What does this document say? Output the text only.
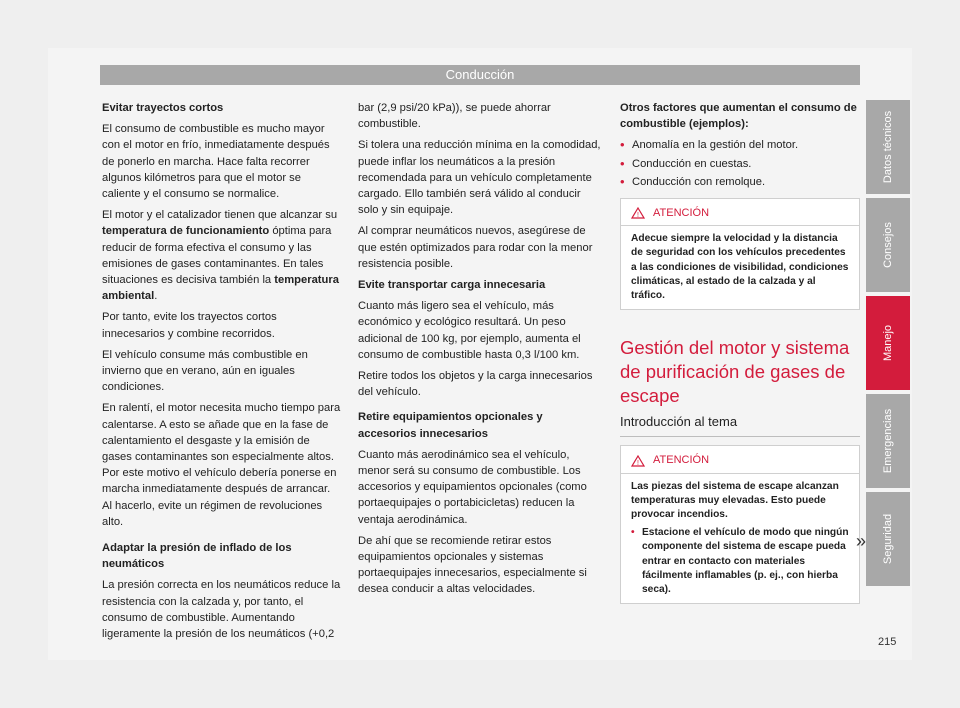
Conducción

Evitar trayectos cortos

El consumo de combustible es mucho mayor con el motor en frío, inmediatamente después de ponerlo en marcha. Hace falta recorrer algunos kilómetros para que el motor se caliente y el consumo se normalice.

El motor y el catalizador tienen que alcanzar su temperatura de funcionamiento óptima para reducir de forma efectiva el consumo y las emisiones de gases contaminantes. En tales situaciones es decisiva también la temperatura ambiental.

Por tanto, evite los trayectos cortos innecesarios y combine recorridos.

El vehículo consume más combustible en invierno que en verano, aún en iguales condiciones.

En ralentí, el motor necesita mucho tiempo para calentarse. A esto se añade que en la fase de calentamiento el desgaste y la emisión de gases contaminantes son especialmente altos. Por este motivo el vehículo debería ponerse en marcha inmediatamente después de arrancar. Al hacerlo, evite un régimen de revoluciones alto.

Adaptar la presión de inflado de los neumáticos

La presión correcta en los neumáticos reduce la resistencia con la calzada y, por tanto, el consumo de combustible. Aumentando ligeramente la presión de los neumáticos (+0,2

bar (2,9 psi/20 kPa)), se puede ahorrar combustible.

Si tolera una reducción mínima en la comodidad, puede inflar los neumáticos a la presión recomendada para un vehículo completamente cargado. Ello también será válido al conducir solo y sin equipaje.

Al comprar neumáticos nuevos, asegúrese de que estén optimizados para rodar con la menor resistencia posible.

Evite transportar carga innecesaria

Cuanto más ligero sea el vehículo, más económico y ecológico resultará. Un peso adicional de 100 kg, por ejemplo, aumenta el consumo de combustible hasta 0,3 l/100 km.

Retire todos los objetos y la carga innecesarios del vehículo.

Retire equipamientos opcionales y accesorios innecesarios

Cuanto más aerodinámico sea el vehículo, menor será su consumo de combustible. Los accesorios y equipamientos opcionales (como portaequipajes o portabicicletas) reducen la ventaja aerodinámica.

De ahí que se recomiende retirar estos equipamientos opcionales y sistemas portaequipajes innecesarios, especialmente si desea conducir a altas velocidades.

Otros factores que aumentan el consumo de combustible (ejemplos):

• Anomalía en la gestión del motor.
• Conducción en cuestas.
• Conducción con remolque.
! ATENCIÓN
Adecue siempre la velocidad y la distancia de seguridad con los vehículos precedentes a las condiciones de visibilidad, condiciones climáticas, al estado de la calzada y al tráfico.
Gestión del motor y sistema de purificación de gases de escape
Introducción al tema
! ATENCIÓN
Las piezas del sistema de escape alcanzan temperaturas muy elevadas. Esto puede provocar incendios.
• Estacione el vehículo de modo que ningún componente del sistema de escape pueda entrar en contacto con materiales fácilmente inflamables (p. ej., con hierba seca).
»
Datos técnicos
Consejos
Manejo
Emergencias
Seguridad
215
